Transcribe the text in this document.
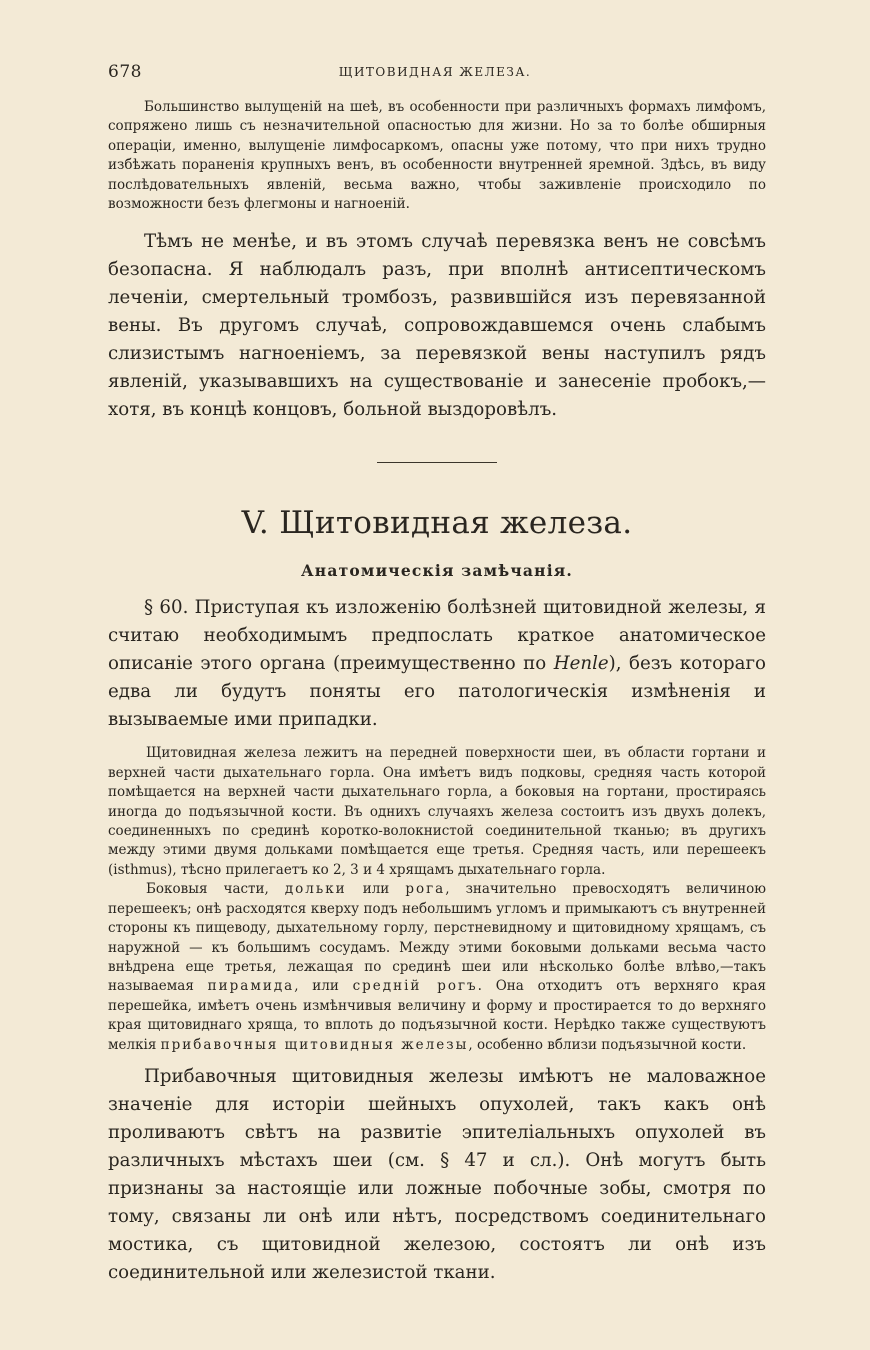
678	ЩИТОВИДНАЯ ЖЕЛЕЗА.

Большинство вылущеній на шеѣ, въ особенности при различныхъ формахъ лимфомъ, сопряжено лишь съ незначительной опасностью для жизни. Но за то болѣе обширныя операціи, именно, вылущеніе лимфосаркомъ, опасны уже потому, что при нихъ трудно избѣжать пораненія крупныхъ венъ, въ особенности внутренней яремной. Здѣсь, въ виду послѣдовательныхъ явленій, весьма важно, чтобы заживленіе происходило по возможности безъ флегмоны и нагноеній.

Тѣмъ не менѣе, и въ этомъ случаѣ перевязка венъ не совсѣмъ безопасна. Я наблюдалъ разъ, при вполнѣ антисептическомъ леченіи, смертельный тромбозъ, развившійся изъ перевязанной вены. Въ другомъ случаѣ, сопровождавшемся очень слабымъ слизистымъ нагноеніемъ, за перевязкой вены наступилъ рядъ явленій, указывавшихъ на существованіе и занесеніе пробокъ,— хотя, въ концѣ концовъ, больной выздоровѣлъ.

V. Щитовидная железа.
Анатомическія замѣчанія.

§ 60. Приступая къ изложенію болѣзней щитовидной железы, я считаю необходимымъ предпослать краткое анатомическое описаніе этого органа (преимущественно по Henle), безъ котораго едва ли будутъ поняты его патологическія измѣненія и вызываемые ими припадки.

Щитовидная железа лежитъ на передней поверхности шеи, въ области гортани и верхней части дыхательнаго горла. Она имѣетъ видъ подковы, средняя часть которой помѣщается на верхней части дыхательнаго горла, а боковыя на гортани, простираясь иногда до подъязычной кости. Въ однихъ случаяхъ железа состоитъ изъ двухъ долекъ, соединенныхъ по срединѣ коротко-волокнистой соединительной тканью; въ другихъ между этими двумя дольками помѣщается еще третья. Средняя часть, или перешеекъ (isthmus), тѣсно прилегаетъ ко 2, 3 и 4 хрящамъ дыхательнаго горла.

Боковыя части, дольки или рога, значительно превосходятъ величиною перешеекъ; онѣ расходятся кверху подъ небольшимъ угломъ и примыкаютъ съ внутренней стороны къ пищеводу, дыхательному горлу, перстневидному и щитовидному хрящамъ, съ наружной — къ большимъ сосудамъ. Между этими боковыми дольками весьма часто внѣдрена еще третья, лежащая по срединѣ шеи или нѣсколько болѣе влѣво,—такъ называемая пирамида, или средній рогъ. Она отходитъ отъ верхняго края перешейка, имѣетъ очень измѣнчивыя величину и форму и простирается то до верхняго края щитовиднаго хряща, то вплоть до подъязычной кости. Нерѣдко также существуютъ мелкія прибавочныя щитовидныя железы, особенно вблизи подъязычной кости.

Прибавочныя щитовидныя железы имѣютъ не маловажное значеніе для исторіи шейныхъ опухолей, такъ какъ онѣ проливаютъ свѣтъ на развитіе эпителіальныхъ опухолей въ различныхъ мѣстахъ шеи (см. § 47 и сл.). Онѣ могутъ быть признаны за настоящіе или ложные побочные зобы, смотря по тому, связаны ли онѣ или нѣтъ, посредствомъ соединительнаго мостика, съ щитовидной железою, состоятъ ли онѣ изъ соединительной или железистой ткани.
